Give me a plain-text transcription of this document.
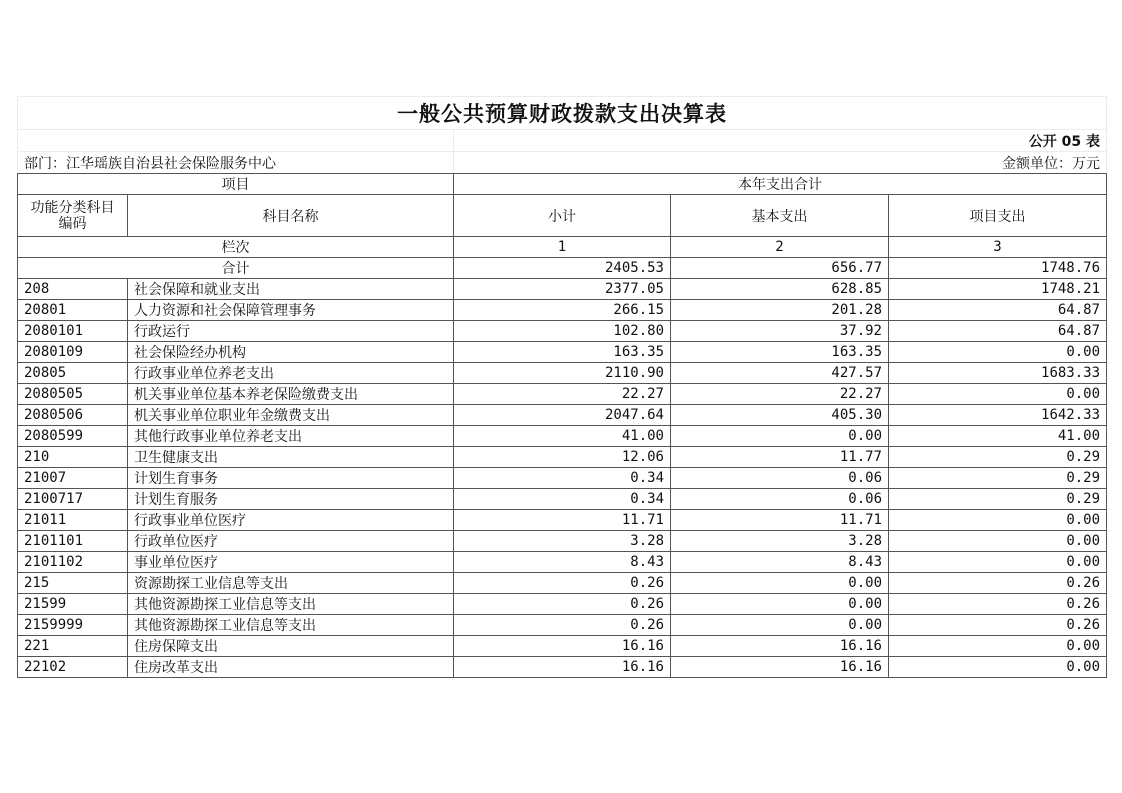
一般公共预算财政拨款支出决算表				
		公开 05 表		
部门：江华瑶族自治县社会保险服务中心		金额单位：万元		
项目		本年支出合计		
功能分类科目编码	科目名称	小计	基本支出	项目支出
栏次		1	2	3
合计		2405.53	656.77	1748.76
208	社会保障和就业支出	2377.05	628.85	1748.21
20801	人力资源和社会保障管理事务	266.15	201.28	64.87
2080101	行政运行	102.80	37.92	64.87
2080109	社会保险经办机构	163.35	163.35	0.00
20805	行政事业单位养老支出	2110.90	427.57	1683.33
2080505	机关事业单位基本养老保险缴费支出	22.27	22.27	0.00
2080506	机关事业单位职业年金缴费支出	2047.64	405.30	1642.33
2080599	其他行政事业单位养老支出	41.00	0.00	41.00
210	卫生健康支出	12.06	11.77	0.29
21007	计划生育事务	0.34	0.06	0.29
2100717	计划生育服务	0.34	0.06	0.29
21011	行政事业单位医疗	11.71	11.71	0.00
2101101	行政单位医疗	3.28	3.28	0.00
2101102	事业单位医疗	8.43	8.43	0.00
215	资源勘探工业信息等支出	0.26	0.00	0.26
21599	其他资源勘探工业信息等支出	0.26	0.00	0.26
2159999	其他资源勘探工业信息等支出	0.26	0.00	0.26
221	住房保障支出	16.16	16.16	0.00
22102	住房改革支出	16.16	16.16	0.00
